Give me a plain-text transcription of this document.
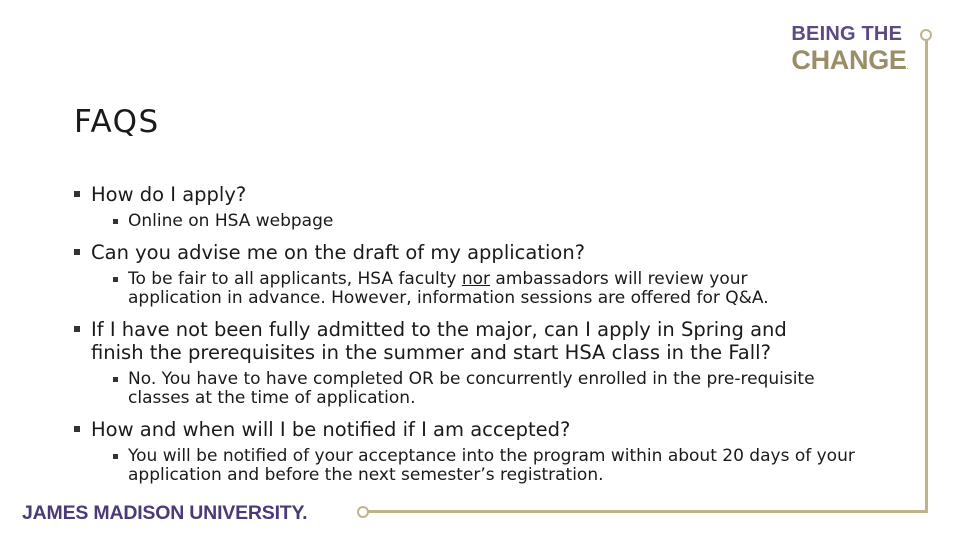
BEING THE
CHANGE.
FAQS
How do I apply?
Online on HSA webpage
Can you advise me on the draft of my application?
To be fair to all applicants, HSA faculty nor ambassadors will review your application in advance. However, information sessions are offered for Q&A.
If I have not been fully admitted to the major, can I apply in Spring and finish the prerequisites in the summer and start HSA class in the Fall?
No. You have to have completed OR be concurrently enrolled in the pre-requisite classes at the time of application.
How and when will I be notified if I am accepted?
You will be notified of your acceptance into the program within about 20 days of your application and before the next semester’s registration.
JAMES MADISON UNIVERSITY.
